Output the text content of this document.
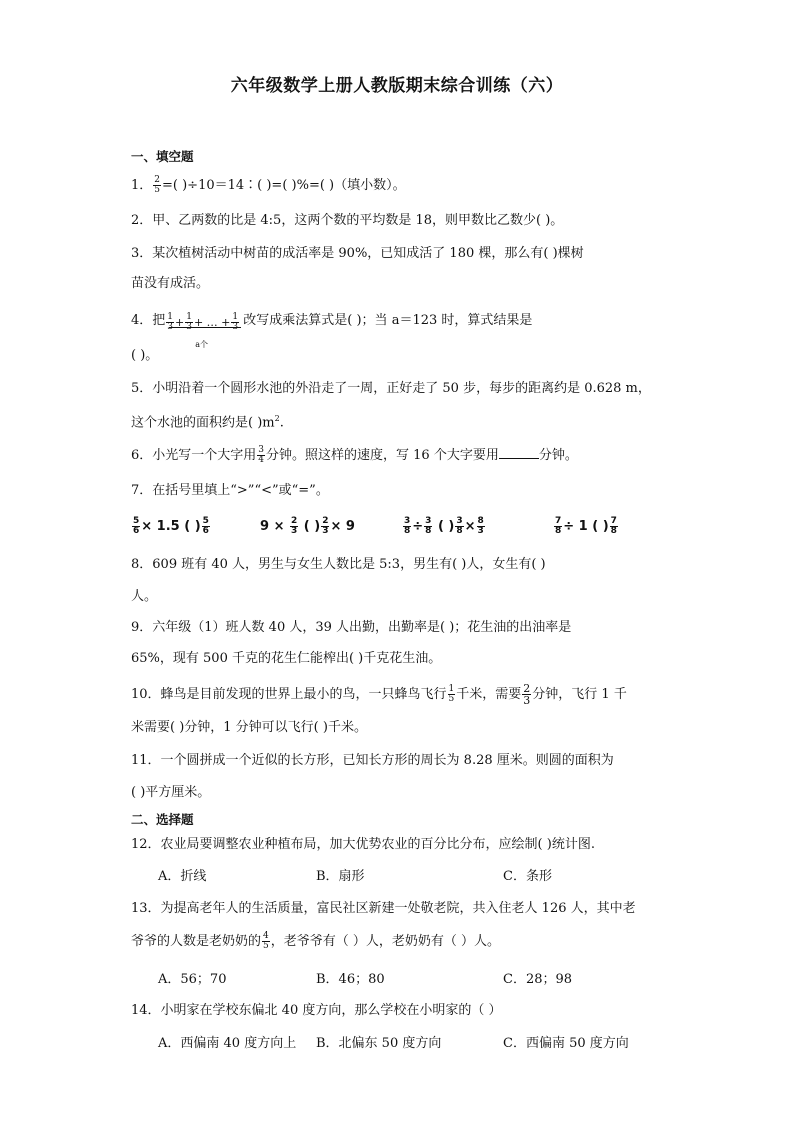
六年级数学上册人教版期末综合训练（六）
一、填空题
1． $\frac{2}{5}$ =( )÷10＝14∶( )=( )%=( )（填小数）。
2．甲、乙两数的比是 4:5，这两个数的平均数是 18，则甲数比乙数少( )。
3．某次植树活动中树苗的成活率是 90%，已知成活了 180 棵，那么有( )棵树
苗没有成活。
4．把 $\frac{1}{3} + \frac{1}{3}$ + … + $\frac{1}{3}$
a个
改写成乘法算式是( )；当 a＝123 时，算式结果是
( )。
5．小明沿着一个圆形水池的外沿走了一周，正好走了 50 步，每步的距离约是 0.628 m，
这个水池的面积约是( )$m^2$.
6．小光写一个大字用 $\frac{3}{4}$ 分钟。照这样的速度，写 16 个大字要用	分钟。
7．在括号里填上“>”“<”或“=”。
$\frac{5}{6} \times 1.5$ ( ) $\frac{5}{6}$	$9 \times \frac{2}{3}$ ( ) $\frac{2}{3} \times 9$	$\frac{3}{8} \div \frac{3}{8}$ ( ) $\frac{3}{8} \times \frac{8}{3}$	$\frac{7}{8} \div 1$ ( ) $\frac{7}{8}$
8．609 班有 40 人，男生与女生人数比是 5:3，男生有( )人，女生有( )
人。
9．六年级（1）班人数 40 人，39 人出勤，出勤率是( )；花生油的出油率是
65%，现有 500 千克的花生仁能榨出( )千克花生油。
10．蜂鸟是目前发现的世界上最小的鸟，一只蜂鸟飞行 $\frac{1}{5}$ 千米，需要 $\frac{2}{3}$ 分钟，飞行 1 千
米需要( )分钟，1 分钟可以飞行( )千米。
11．一个圆拼成一个近似的长方形，已知长方形的周长为 8.28 厘米。则圆的面积为
( )平方厘米。
二、选择题
12．农业局要调整农业种植布局，加大优势农业的百分比分布，应绘制( )统计图.
A．折线	B．扇形	C．条形
13．为提高老年人的生活质量，富民社区新建一处敬老院，共入住老人 126 人，其中老
爷爷的人数是老奶奶的 $\frac{4}{5}$ ，老爷爷有（ ）人，老奶奶有（ ）人。
A．56；70	B．46；80	C．28；98
14．小明家在学校东偏北 40 度方向，那么学校在小明家的（ ）
A．西偏南 40 度方向上 B．北偏东 50 度方向	C．西偏南 50 度方向
